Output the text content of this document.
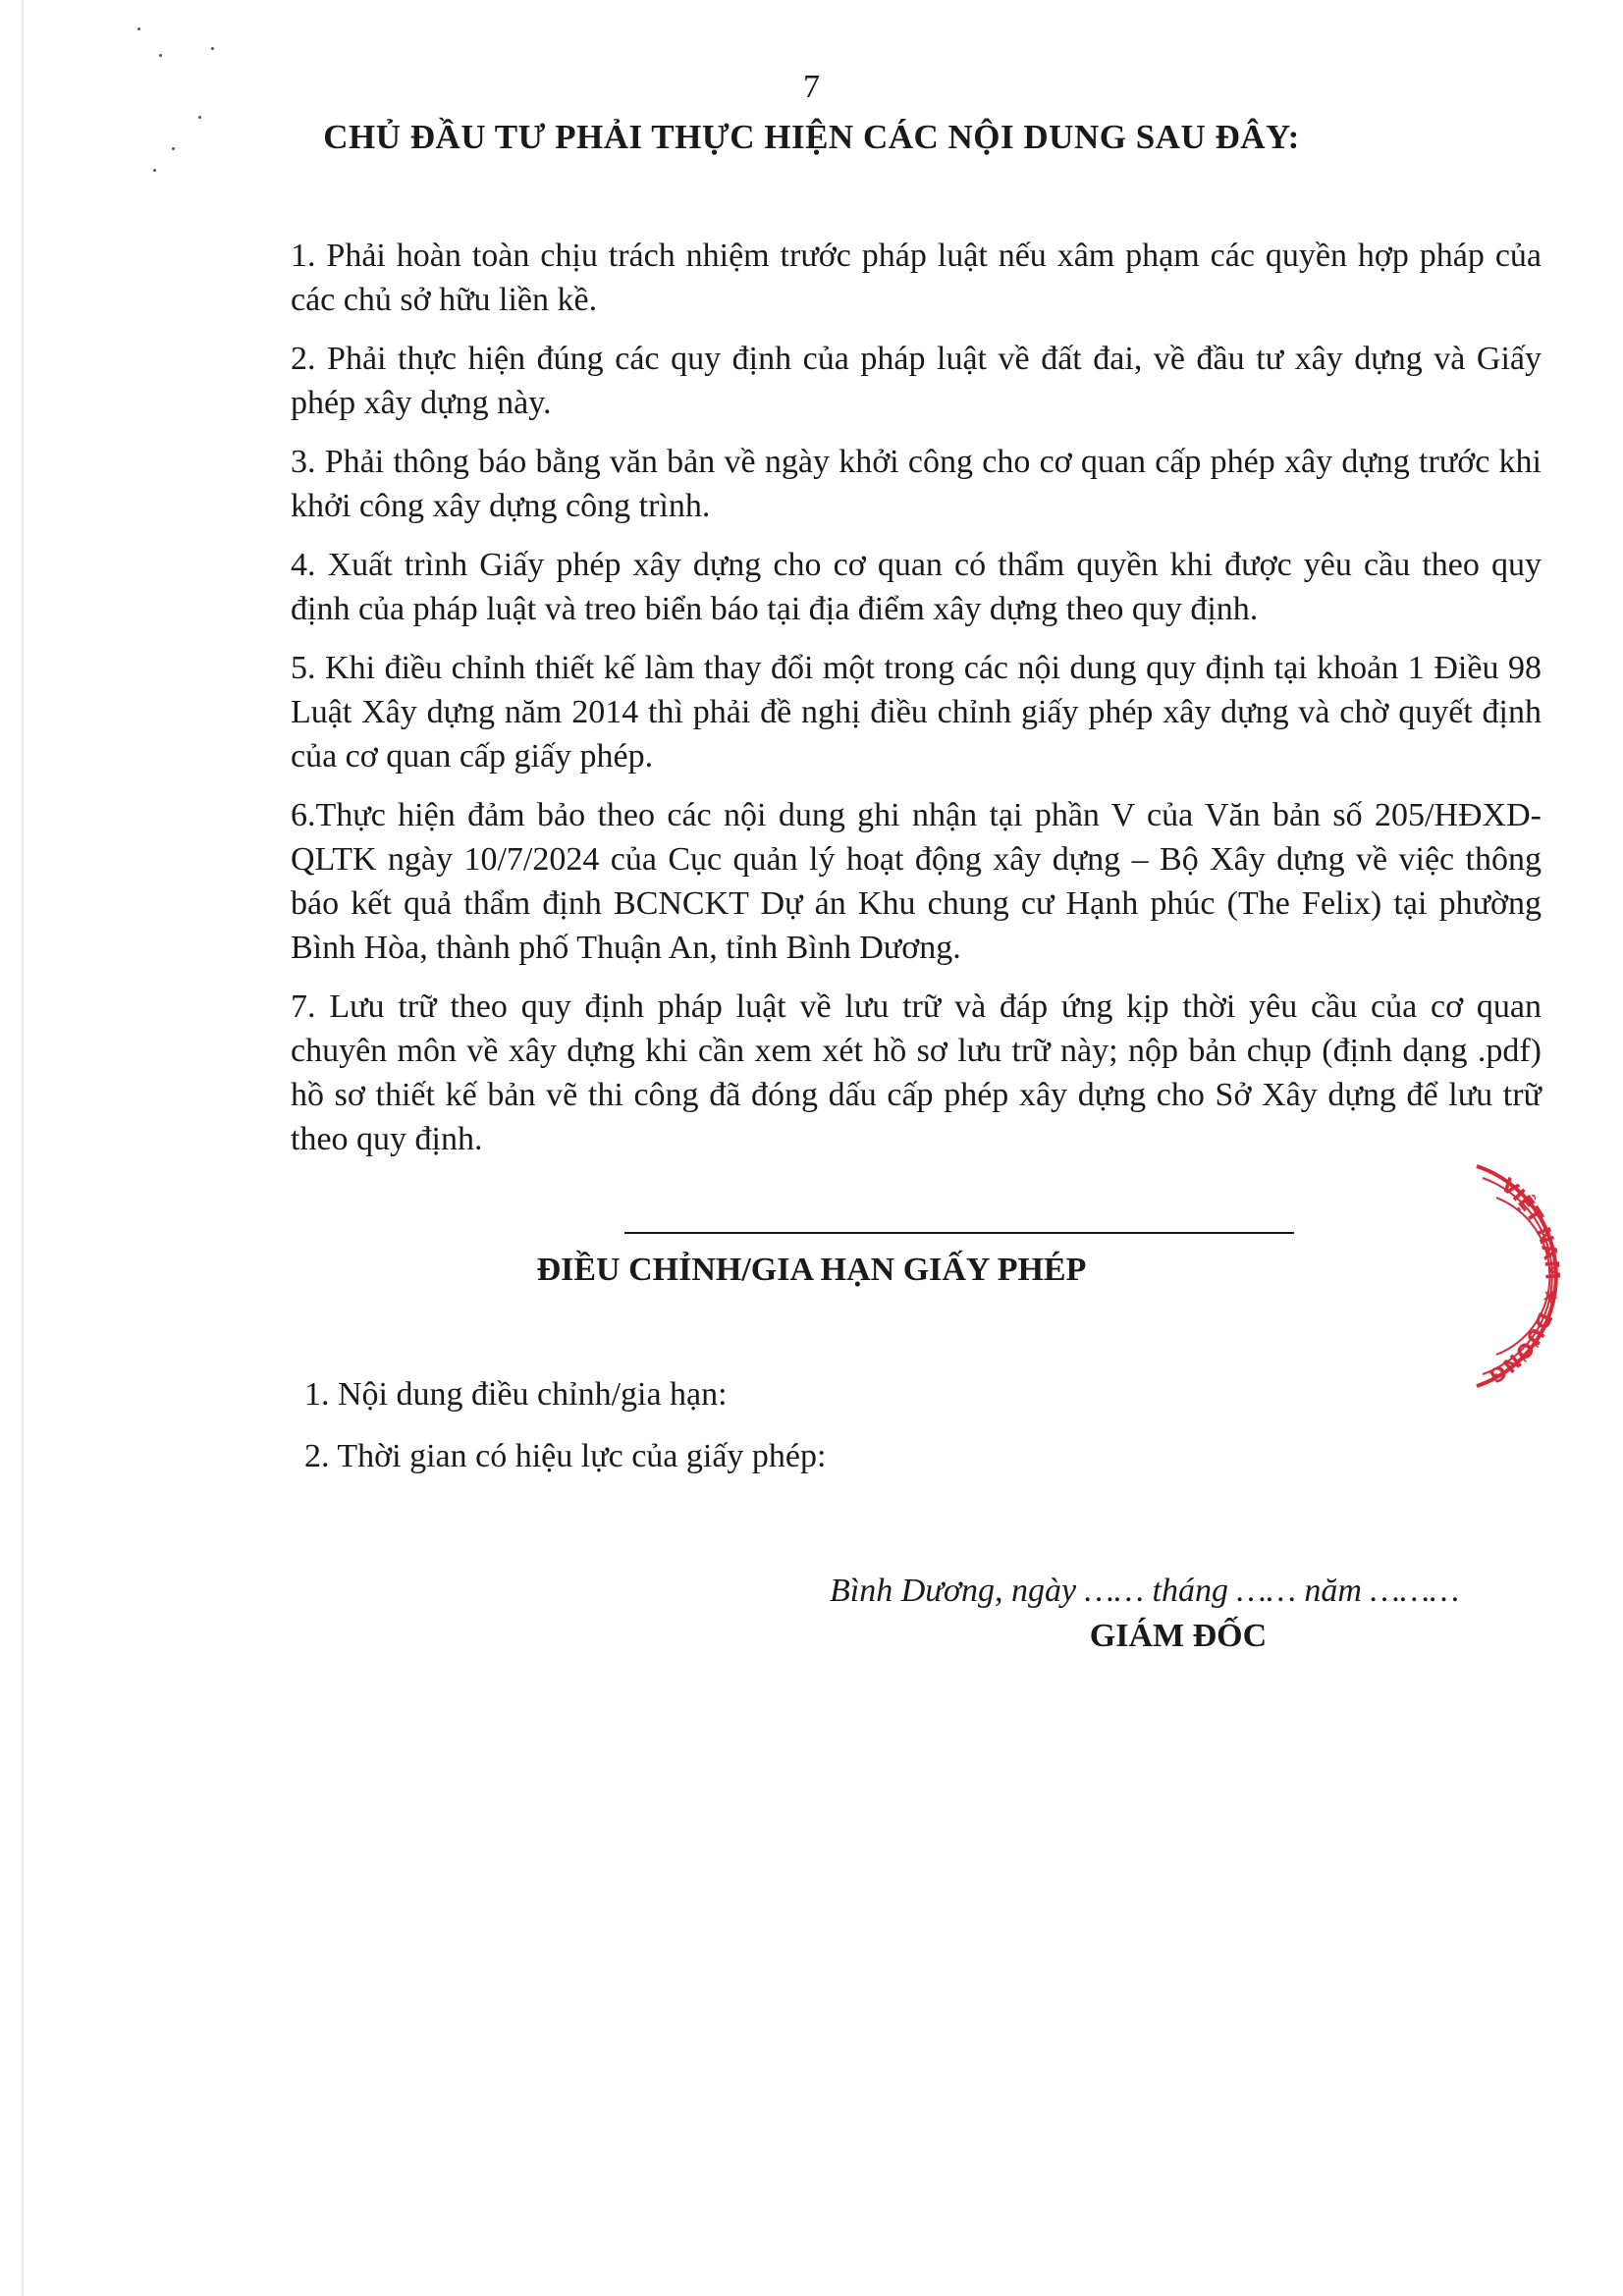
7
CHỦ ĐẦU TƯ PHẢI THỰC HIỆN CÁC NỘI DUNG SAU ĐÂY:

1. Phải hoàn toàn chịu trách nhiệm trước pháp luật nếu xâm phạm các quyền hợp pháp của các chủ sở hữu liền kề.

2. Phải thực hiện đúng các quy định của pháp luật về đất đai, về đầu tư xây dựng và Giấy phép xây dựng này.

3. Phải thông báo bằng văn bản về ngày khởi công cho cơ quan cấp phép xây dựng trước khi khởi công xây dựng công trình.

4. Xuất trình Giấy phép xây dựng cho cơ quan có thẩm quyền khi được yêu cầu theo quy định của pháp luật và treo biển báo tại địa điểm xây dựng theo quy định.

5. Khi điều chỉnh thiết kế làm thay đổi một trong các nội dung quy định tại khoản 1 Điều 98 Luật Xây dựng năm 2014 thì phải đề nghị điều chỉnh giấy phép xây dựng và chờ quyết định của cơ quan cấp giấy phép.

6.Thực hiện đảm bảo theo các nội dung ghi nhận tại phần V của Văn bản số 205/HĐXD-QLTK ngày 10/7/2024 của Cục quản lý hoạt động xây dựng – Bộ Xây dựng về việc thông báo kết quả thẩm định BCNCKT Dự án Khu chung cư Hạnh phúc (The Felix) tại phường Bình Hòa, thành phố Thuận An, tỉnh Bình Dương.

7. Lưu trữ theo quy định pháp luật về lưu trữ và đáp ứng kịp thời yêu cầu của cơ quan chuyên môn về xây dựng khi cần xem xét hồ sơ lưu trữ này; nộp bản chụp (định dạng .pdf) hồ sơ thiết kế bản vẽ thi công đã đóng dấu cấp phép xây dựng cho Sở Xây dựng để lưu trữ theo quy định.

ĐIỀU CHỈNH/GIA HẠN GIẤY PHÉP
1. Nội dung điều chỉnh/gia hạn:
2. Thời gian có hiệu lực của giấy phép:
Bình Dương, ngày …… tháng …… năm ………
GIÁM ĐỐC
VIỆT NAM ★ DƯƠNG
